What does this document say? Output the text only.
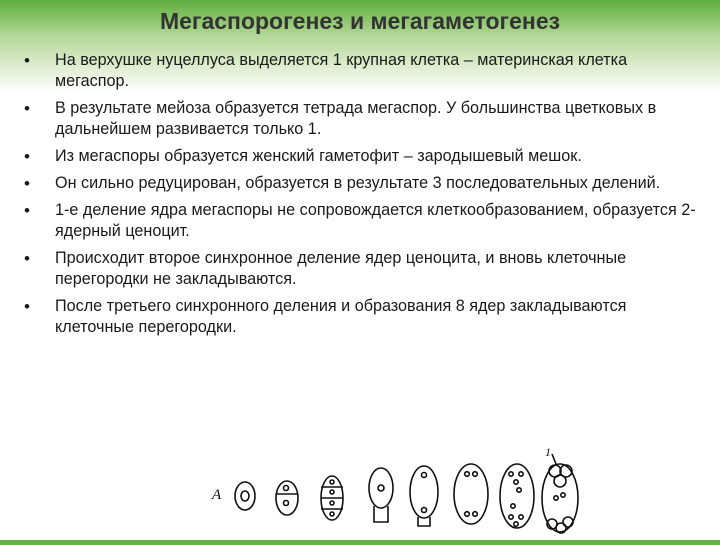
Мегаспорогенез и мегагаметогенез
• На верхушке нуцеллуса выделяется 1 крупная клетка – материнская клетка мегаспор.
• В результате мейоза образуется тетрада мегаспор. У большинства цветковых в дальнейшем развивается только 1.
• Из мегаспоры образуется женский гаметофит – зародышевый мешок.
• Он сильно редуцирован, образуется в результате 3 последовательных делений.
• 1-е деление ядра мегаспоры не сопровождается клеткообразованием, образуется 2-ядерный ценоцит.
• Происходит второе синхронное деление ядер ценоцита, и вновь клеточные перегородки не закладываются.
• После третьего синхронного деления и образования 8 ядер закладываются клеточные перегородки.
А
1
